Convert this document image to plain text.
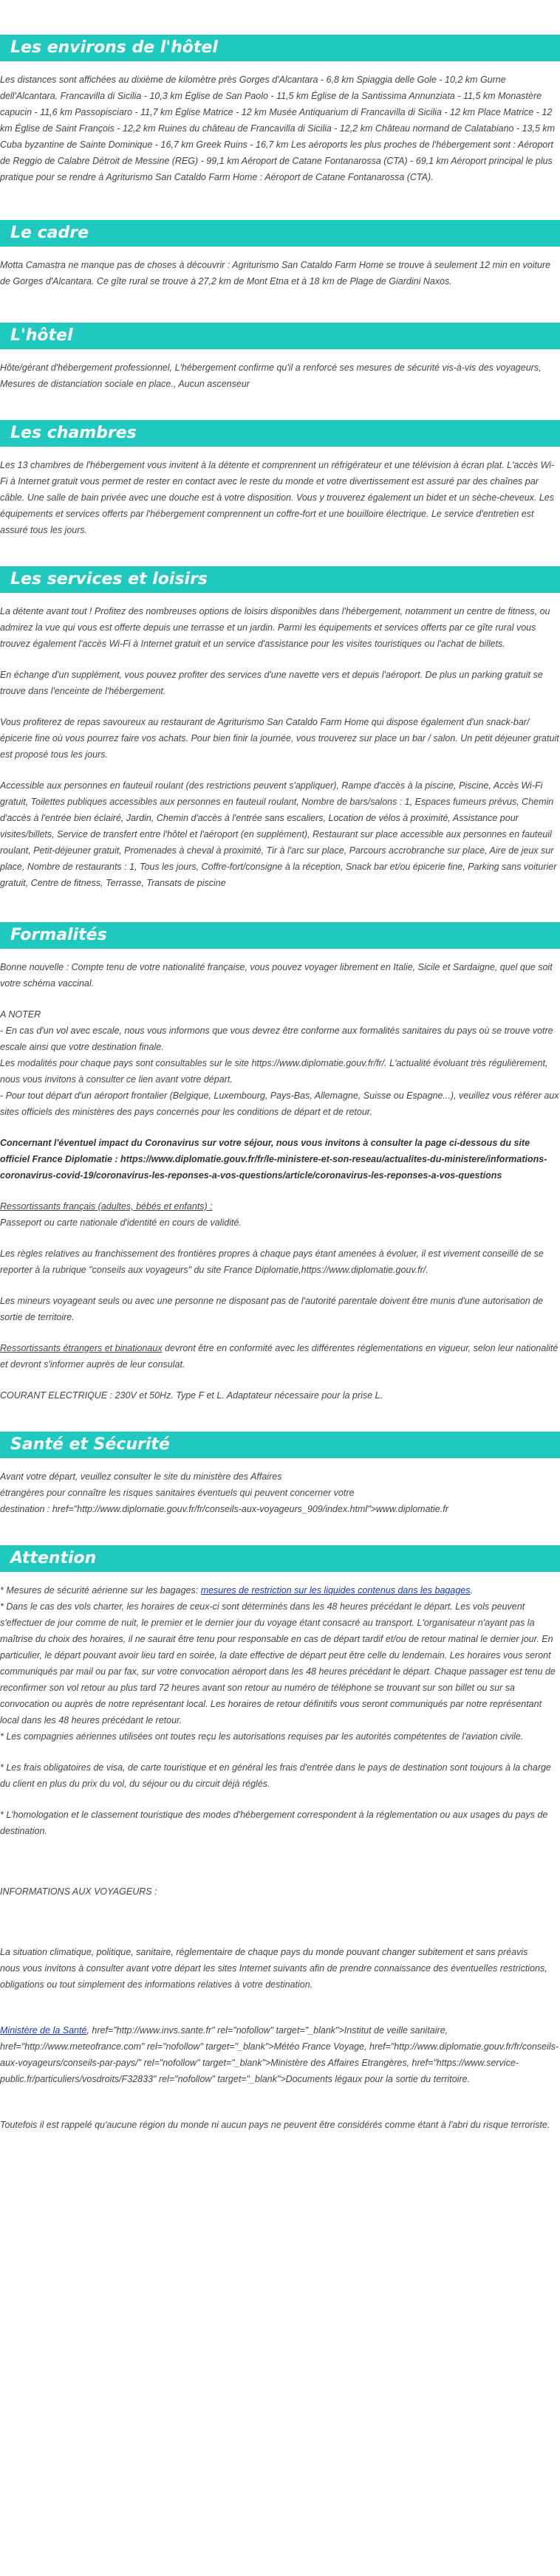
Les environs de l'hôtel

Les distances sont affichées au dixième de kilomètre près Gorges d'Alcantara - 6,8 km Spiaggia delle Gole - 10,2 km Gurne dell'Alcantara. Francavilla di Sicilia - 10,3 km Église de San Paolo - 11,5 km Église de la Santissima Annunziata - 11,5 km Monastère capucin - 11,6 km Passopisciaro - 11,7 km Église Matrice - 12 km Musée Antiquarium di Francavilla di Sicilia - 12 km Place Matrice - 12 km Église de Saint François - 12,2 km Ruines du château de Francavilla di Sicilia - 12,2 km Château normand de Calatabiano - 13,5 km Cuba byzantine de Sainte Dominique - 16,7 km Greek Ruins - 16,7 km Les aéroports les plus proches de l'hébergement sont : Aéroport de Reggio de Calabre Détroit de Messine (REG) - 99,1 km Aéroport de Catane Fontanarossa (CTA) - 69,1 km Aéroport principal le plus pratique pour se rendre à Agriturismo San Cataldo Farm Home : Aéroport de Catane Fontanarossa (CTA).

Le cadre

Motta Camastra ne manque pas de choses à découvrir : Agriturismo San Cataldo Farm Home se trouve à seulement 12 min en voiture de Gorges d'Alcantara. Ce gîte rural se trouve à 27,2 km de Mont Etna et à 18 km de Plage de Giardini Naxos.

L'hôtel

Hôte/gérant d'hébergement professionnel, L'hébergement confirme qu'il a renforcé ses mesures de sécurité vis-à-vis des voyageurs, Mesures de distanciation sociale en place., Aucun ascenseur

Les chambres

Les 13 chambres de l'hébergement vous invitent à la détente et comprennent un réfrigérateur et une télévision à écran plat. L'accès Wi-Fi à Internet gratuit vous permet de rester en contact avec le reste du monde et votre divertissement est assuré par des chaînes par câble. Une salle de bain privée avec une douche est à votre disposition. Vous y trouverez également un bidet et un sèche-cheveux. Les équipements et services offerts par l'hébergement comprennent un coffre-fort et une bouilloire électrique. Le service d'entretien est assuré tous les jours.

Les services et loisirs

La détente avant tout ! Profitez des nombreuses options de loisirs disponibles dans l'hébergement, notamment un centre de fitness, ou admirez la vue qui vous est offerte depuis une terrasse et un jardin. Parmi les équipements et services offerts par ce gîte rural vous trouvez également l'accès Wi-Fi à Internet gratuit et un service d'assistance pour les visites touristiques ou l'achat de billets.

En échange d'un supplément, vous pouvez profiter des services d'une navette vers et depuis l'aéroport. De plus un parking gratuit se trouve dans l'enceinte de l'hébergement.

Vous profiterez de repas savoureux au restaurant de Agriturismo San Cataldo Farm Home qui dispose également d'un snack-bar/épicerie fine où vous pourrez faire vos achats. Pour bien finir la journée, vous trouverez sur place un bar / salon. Un petit déjeuner gratuit est proposé tous les jours.

Accessible aux personnes en fauteuil roulant (des restrictions peuvent s'appliquer), Rampe d'accès à la piscine, Piscine, Accès Wi-Fi gratuit, Toilettes publiques accessibles aux personnes en fauteuil roulant, Nombre de bars/salons : 1, Espaces fumeurs prévus, Chemin d'accès à l'entrée bien éclairé, Jardin, Chemin d'accès à l'entrée sans escaliers, Location de vélos à proximité, Assistance pour visites/billets, Service de transfert entre l'hôtel et l'aéroport (en supplément), Restaurant sur place accessible aux personnes en fauteuil roulant, Petit-déjeuner gratuit, Promenades à cheval à proximité, Tir à l'arc sur place, Parcours accrobranche sur place, Aire de jeux sur place, Nombre de restaurants : 1, Tous les jours, Coffre-fort/consigne à la réception, Snack bar et/ou épicerie fine, Parking sans voiturier gratuit, Centre de fitness, Terrasse, Transats de piscine

Formalités

Bonne nouvelle : Compte tenu de votre nationalité française, vous pouvez voyager librement en Italie, Sicile et Sardaigne, quel que soit votre schéma vaccinal.

A NOTER
- En cas d'un vol avec escale, nous vous informons que vous devrez être conforme aux formalités sanitaires du pays où se trouve votre escale ainsi que votre destination finale.
Les modalités pour chaque pays sont consultables sur le site https://www.diplomatie.gouv.fr/fr/. L'actualité évoluant très régulièrement, nous vous invitons à consulter ce lien avant votre départ.
- Pour tout départ d'un aéroport frontalier (Belgique, Luxembourg, Pays-Bas, Allemagne, Suisse ou Espagne...), veuillez vous référer aux sites officiels des ministères des pays concernés pour les conditions de départ et de retour.

Concernant l'éventuel impact du Coronavirus sur votre séjour, nous vous invitons à consulter la page ci-dessous du site officiel France Diplomatie : https://www.diplomatie.gouv.fr/fr/le-ministere-et-son-reseau/actualites-du-ministere/informations-coronavirus-covid-19/coronavirus-les-reponses-a-vos-questions/article/coronavirus-les-reponses-a-vos-questions

Ressortissants français (adultes, bébés et enfants) :
Passeport ou carte nationale d'identité en cours de validité.

Les règles relatives au franchissement des frontières propres à chaque pays étant amenées à évoluer, il est vivement conseillé de se reporter à la rubrique "conseils aux voyageurs" du site France Diplomatie,https://www.diplomatie.gouv.fr/.

Les mineurs voyageant seuls ou avec une personne ne disposant pas de l'autorité parentale doivent être munis d'une autorisation de sortie de territoire.

Ressortissants étrangers et binationaux devront être en conformité avec les différentes réglementations en vigueur, selon leur nationalité et devront s'informer auprès de leur consulat.

COURANT ELECTRIQUE : 230V et 50Hz. Type F et L. Adaptateur nécessaire pour la prise L.

Santé et Sécurité

Avant votre départ, veuillez consulter le site du ministère des Affaires
étrangères pour connaître les risques sanitaires éventuels qui peuvent concerner votre
destination : href="http://www.diplomatie.gouv.fr/fr/conseils-aux-voyageurs_909/index.html">www.diplomatie.fr

Attention

* Mesures de sécurité aérienne sur les bagages: mesures de restriction sur les liquides contenus dans les bagages.

* Dans le cas des vols charter, les horaires de ceux-ci sont déterminés dans les 48 heures précédant le départ. Les vols peuvent s'effectuer de jour comme de nuit, le premier et le dernier jour du voyage étant consacré au transport. L'organisateur n'ayant pas la maîtrise du choix des horaires, il ne saurait être tenu pour responsable en cas de départ tardif et/ou de retour matinal le dernier jour. En particulier, le départ pouvant avoir lieu tard en soirée, la date effective de départ peut être celle du lendemain. Les horaires vous seront communiqués par mail ou par fax, sur votre convocation aéroport dans les 48 heures précédant le départ. Chaque passager est tenu de reconfirmer son vol retour au plus tard 72 heures avant son retour au numéro de téléphone se trouvant sur son billet ou sur sa convocation ou auprès de notre représentant local. Les horaires de retour définitifs vous seront communiqués par notre représentant local dans les 48 heures précédant le retour.

* Les compagnies aériennes utilisées ont toutes reçu les autorisations requises par les autorités compétentes de l'aviation civile.

* Les frais obligatoires de visa, de carte touristique et en général les frais d'entrée dans le pays de destination sont toujours à la charge du client en plus du prix du vol, du séjour ou du circuit déjà réglés.

* L'homologation et le classement touristique des modes d'hébergement correspondent à la réglementation ou aux usages du pays de destination.

INFORMATIONS AUX VOYAGEURS :

La situation climatique, politique, sanitaire, réglementaire de chaque pays du monde pouvant changer subitement et sans préavis
nous vous invitons à consulter avant votre départ les sites Internet suivants afin de prendre connaissance des éventuelles restrictions, obligations ou tout simplement des informations relatives à votre destination.

Ministère de la Santé, href="http://www.invs.sante.fr" rel="nofollow" target="_blank">Institut de veille sanitaire, href="http://www.meteofrance.com" rel="nofollow" target="_blank">Météo France Voyage, href="http://www.diplomatie.gouv.fr/fr/conseils-aux-voyageurs/conseils-par-pays/" rel="nofollow" target="_blank">Ministère des Affaires Etrangères, href="https://www.service-public.fr/particuliers/vosdroits/F32833" rel="nofollow" target="_blank">Documents légaux pour la sortie du territoire.

Toutefois il est rappelé qu'aucune région du monde ni aucun pays ne peuvent être considérés comme étant à l'abri du risque terroriste.
